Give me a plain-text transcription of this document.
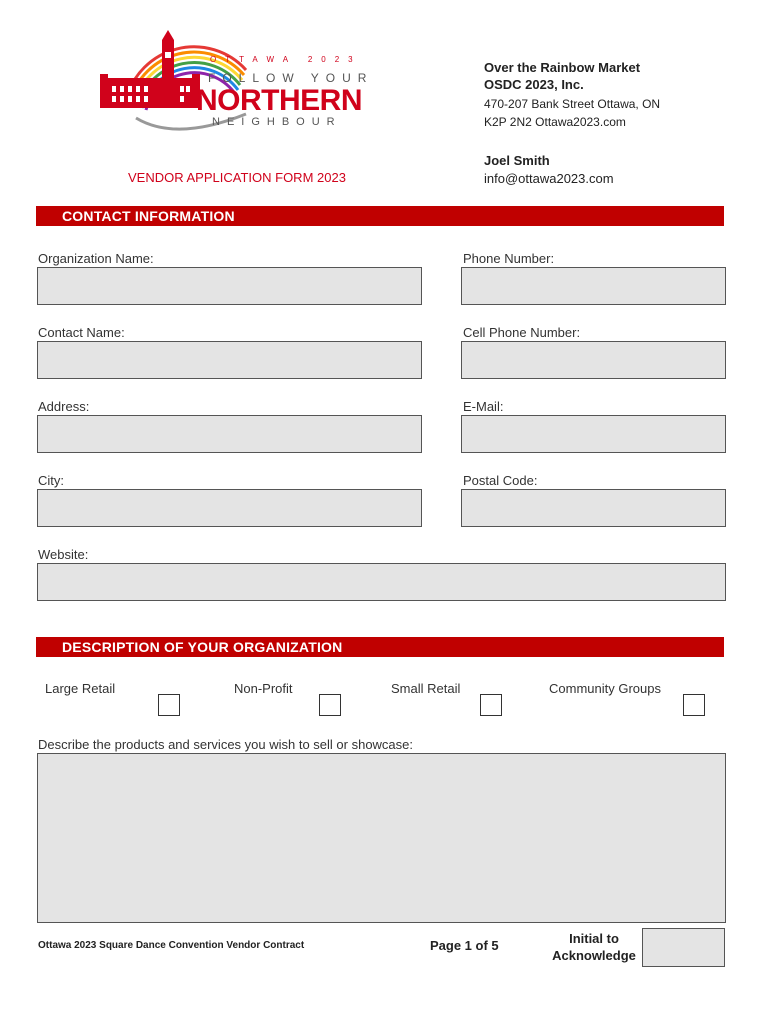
OTTAWA 2023
FOLLOW YOUR
NORTHERN
NEIGHBOUR
Over the Rainbow Market
OSDC 2023, Inc.
470-207 Bank Street Ottawa, ON
K2P 2N2 Ottawa2023.com
Joel Smith
info@ottawa2023.com
VENDOR APPLICATION FORM 2023
CONTACT INFORMATION
Organization Name:	Phone Number:
Contact Name:	Cell Phone Number:
Address:	E-Mail:
City:	Postal Code:
Website:
DESCRIPTION OF YOUR ORGANIZATION
Large Retail	Non-Profit	Small Retail	Community Groups
Describe the products and services you wish to sell or showcase:
Ottawa 2023 Square Dance Convention Vendor Contract	Page 1 of 5	Initial to Acknowledge
